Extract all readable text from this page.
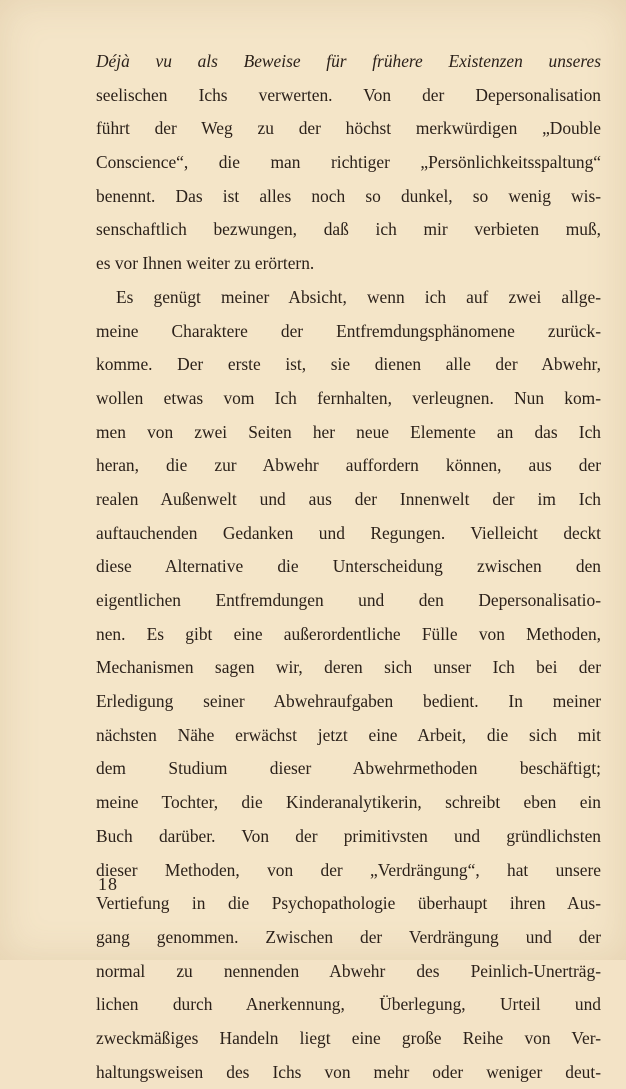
Déjà vu als Beweise für frühere Existenzen unseres
seelischen Ichs verwerten. Von der Depersonalisation
führt der Weg zu der höchst merkwürdigen „Double
Conscience“, die man richtiger „Persönlichkeitsspaltung“
benennt. Das ist alles noch so dunkel, so wenig wis-
senschaftlich bezwungen, daß ich mir verbieten muß,
es vor Ihnen weiter zu erörtern.

Es genügt meiner Absicht, wenn ich auf zwei allge-
meine Charaktere der Entfremdungsphänomene zurück-
komme. Der erste ist, sie dienen alle der Abwehr,
wollen etwas vom Ich fernhalten, verleugnen. Nun kom-
men von zwei Seiten her neue Elemente an das Ich
heran, die zur Abwehr auffordern können, aus der
realen Außenwelt und aus der Innenwelt der im Ich
auftauchenden Gedanken und Regungen. Vielleicht deckt
diese Alternative die Unterscheidung zwischen den
eigentlichen Entfremdungen und den Depersonalisatio-
nen. Es gibt eine außerordentliche Fülle von Methoden,
Mechanismen sagen wir, deren sich unser Ich bei der
Erledigung seiner Abwehraufgaben bedient. In meiner
nächsten Nähe erwächst jetzt eine Arbeit, die sich mit
dem Studium dieser Abwehrmethoden beschäftigt;
meine Tochter, die Kinderanalytikerin, schreibt eben ein
Buch darüber. Von der primitivsten und gründlichsten
dieser Methoden, von der „Verdrängung“, hat unsere
Vertiefung in die Psychopathologie überhaupt ihren Aus-
gang genommen. Zwischen der Verdrängung und der
normal zu nennenden Abwehr des Peinlich-Unerträg-
lichen durch Anerkennung, Überlegung, Urteil und
zweckmäßiges Handeln liegt eine große Reihe von Ver-
haltungsweisen des Ichs von mehr oder weniger deut-

18
